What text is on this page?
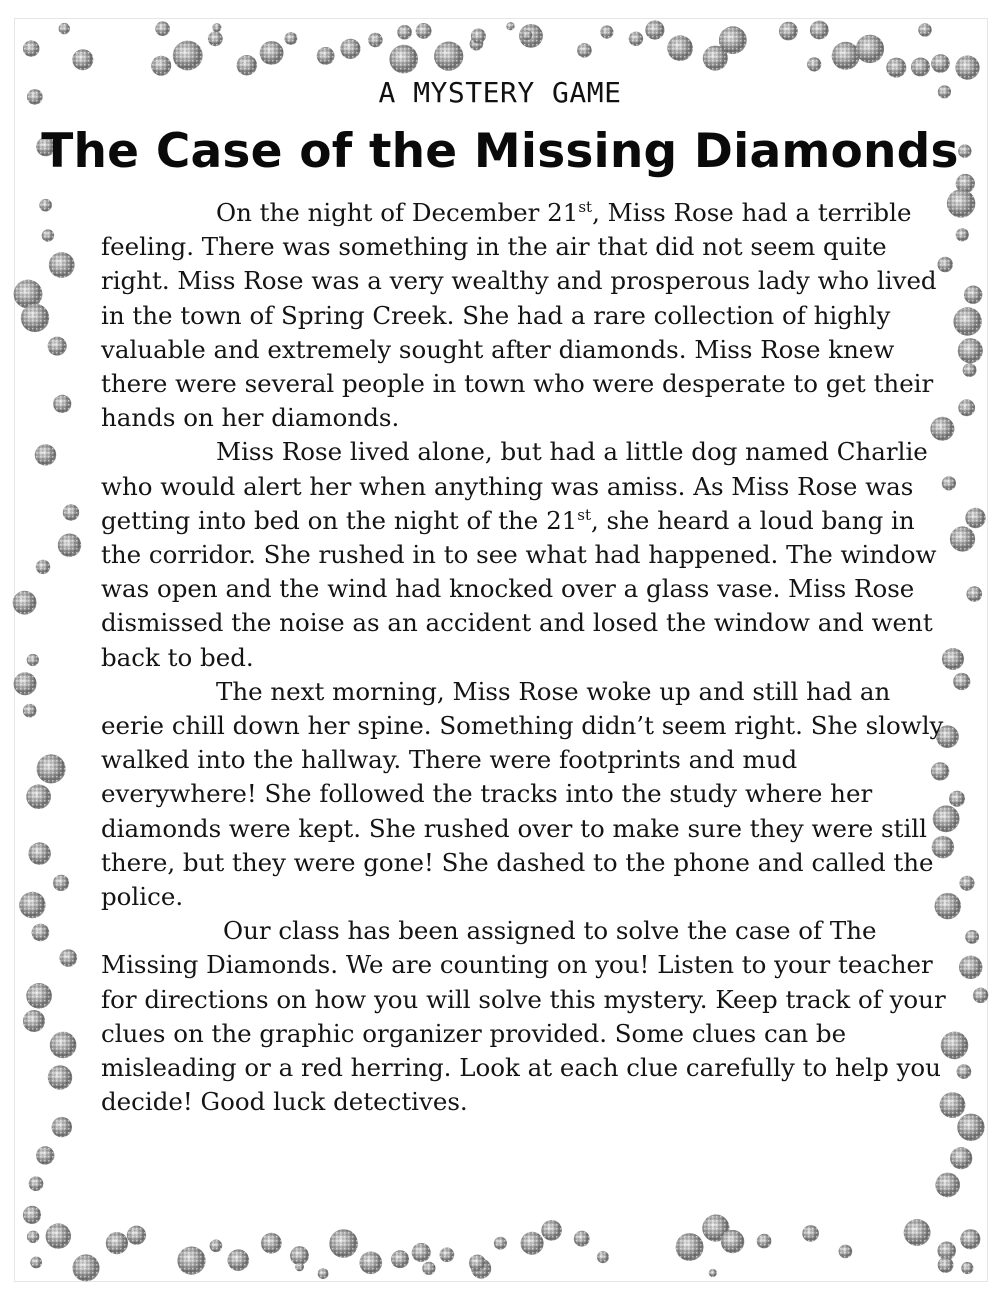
A MYSTERY GAME
The Case of the Missing Diamonds

On the night of December 21st, Miss Rose had a terrible feeling. There was something in the air that did not seem quite right. Miss Rose was a very wealthy and prosperous lady who lived in the town of Spring Creek. She had a rare collection of highly valuable and extremely sought after diamonds. Miss Rose knew there were several people in town who were desperate to get their hands on her diamonds.

Miss Rose lived alone, but had a little dog named Charlie who would alert her when anything was amiss. As Miss Rose was getting into bed on the night of the 21st, she heard a loud bang in the corridor. She rushed in to see what had happened. The window was open and the wind had knocked over a glass vase. Miss Rose dismissed the noise as an accident and losed the window and went back to bed.

The next morning, Miss Rose woke up and still had an eerie chill down her spine. Something didn’t seem right. She slowly walked into the hallway. There were footprints and mud everywhere! She followed the tracks into the study where her diamonds were kept. She rushed over to make sure they were still there, but they were gone! She dashed to the phone and called the police.

Our class has been assigned to solve the case of The Missing Diamonds. We are counting on you! Listen to your teacher for directions on how you will solve this mystery. Keep track of your clues on the graphic organizer provided. Some clues can be misleading or a red herring. Look at each clue carefully to help you decide! Good luck detectives.
